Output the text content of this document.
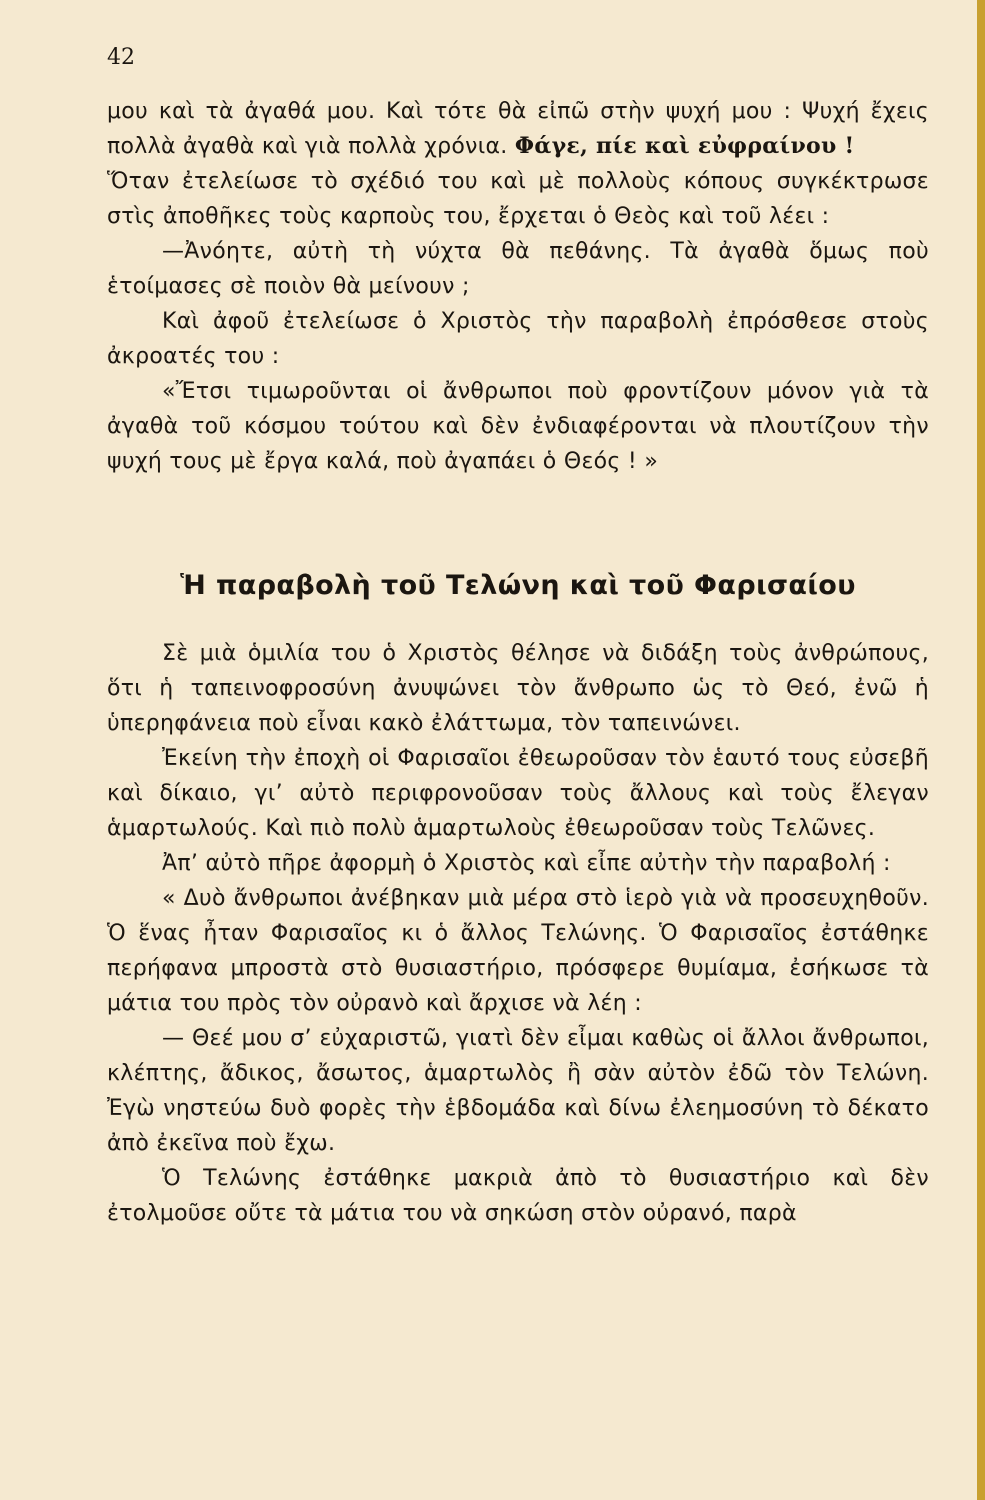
42

μου καὶ τὰ ἀγαθά μου. Καὶ τότε θὰ εἰπῶ στὴν ψυχή μου : Ψυχή ἔχεις πολλὰ ἀγαθὰ καὶ γιὰ πολλὰ χρόνια. Φάγε, πίε καὶ εὐφραίνου !

Ὅταν ἐτελείωσε τὸ σχέδιό του καὶ μὲ πολλοὺς κόπους συγκέκτρωσε στὶς ἀποθῆκες τοὺς καρποὺς του, ἔρχεται ὁ Θεὸς καὶ τοῦ λέει :

—Ἀνόητε, αὐτὴ τὴ νύχτα θὰ πεθάνης. Τὰ ἀγαθὰ ὅμως ποὺ ἑτοίμασες σὲ ποιὸν θὰ μείνουν ;

Καὶ ἀφοῦ ἐτελείωσε ὁ Χριστὸς τὴν παραβολὴ ἐπρόσθεσε στοὺς ἀκροατές του :

«Ἔτσι τιμωροῦνται οἱ ἄνθρωποι ποὺ φροντίζουν μόνον γιὰ τὰ ἀγαθὰ τοῦ κόσμου τούτου καὶ δὲν ἐνδιαφέρονται νὰ πλουτίζουν τὴν ψυχή τους μὲ ἔργα καλά, ποὺ ἀγαπάει ὁ Θεός ! »

Ἡ παραβολὴ τοῦ Τελώνη καὶ τοῦ Φαρισαίου

Σὲ μιὰ ὁμιλία του ὁ Χριστὸς θέλησε νὰ διδάξη τοὺς ἀνθρώπους, ὅτι ἡ ταπεινοφροσύνη ἀνυψώνει τὸν ἄνθρωπο ὡς τὸ Θεό, ἐνῶ ἡ ὑπερηφάνεια ποὺ εἶναι κακὸ ἐλάττωμα, τὸν ταπεινώνει.

Ἐκείνη τὴν ἐποχὴ οἱ Φαρισαῖοι ἐθεωροῦσαν τὸν ἑαυτό τους εὐσεβῆ καὶ δίκαιο, γι’ αὐτὸ περιφρονοῦσαν τοὺς ἄλλους καὶ τοὺς ἔλεγαν ἁμαρτωλούς. Καὶ πιὸ πολὺ ἁμαρτωλοὺς ἐθεωροῦσαν τοὺς Τελῶνες.

Ἀπ’ αὐτὸ πῆρε ἀφορμὴ ὁ Χριστὸς καὶ εἶπε αὐτὴν τὴν παραβολή :

« Δυὸ ἄνθρωποι ἀνέβηκαν μιὰ μέρα στὸ ἱερὸ γιὰ νὰ προσευχηθοῦν. Ὁ ἕνας ἦταν Φαρισαῖος κι ὁ ἄλλος Τελώνης. Ὁ Φαρισαῖος ἐστάθηκε περήφανα μπροστὰ στὸ θυσιαστήριο, πρόσφερε θυμίαμα, ἐσήκωσε τὰ μάτια του πρὸς τὸν οὐρανὸ καὶ ἄρχισε νὰ λέη :

— Θεέ μου σ’ εὐχαριστῶ, γιατὶ δὲν εἶμαι καθὼς οἱ ἄλλοι ἄνθρωποι, κλέπτης, ἄδικος, ἄσωτος, ἁμαρτωλὸς ἢ σὰν αὐτὸν ἐδῶ τὸν Τελώνη. Ἐγὼ νηστεύω δυὸ φορὲς τὴν ἑβδομάδα καὶ δίνω ἐλεημοσύνη τὸ δέκατο ἀπὸ ἐκεῖνα ποὺ ἔχω.

Ὁ Τελώνης ἐστάθηκε μακριὰ ἀπὸ τὸ θυσιαστήριο καὶ δὲν ἐτολμοῦσε οὔτε τὰ μάτια του νὰ σηκώση στὸν οὐρανό, παρὰ
